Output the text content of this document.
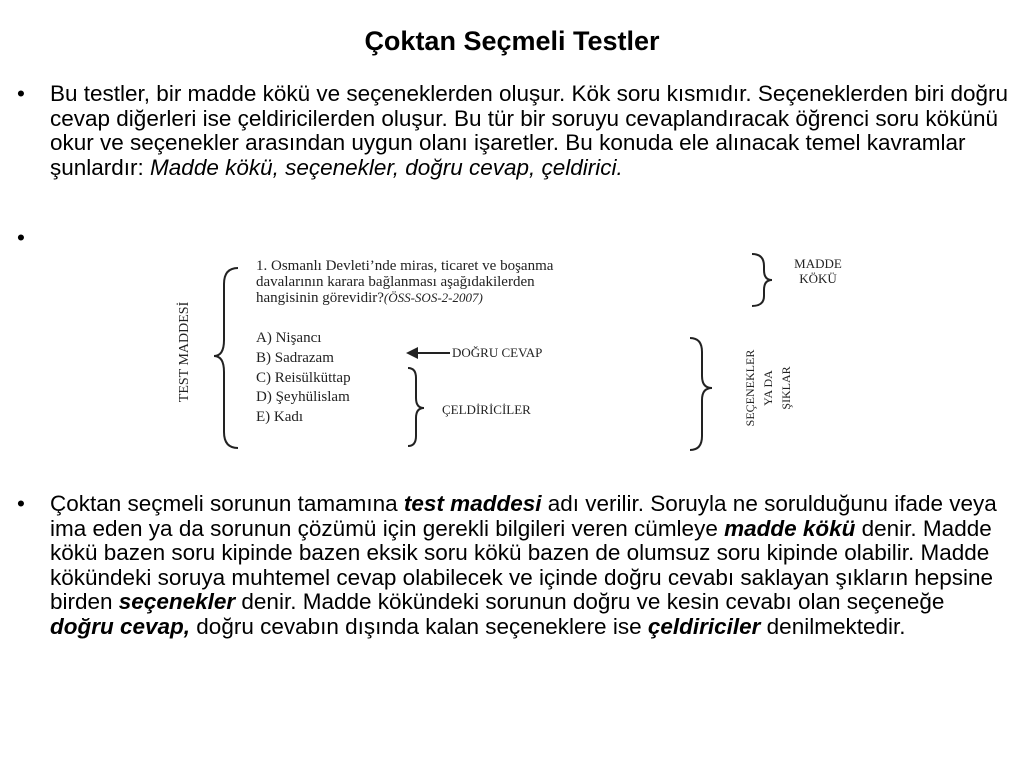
Çoktan Seçmeli Testler
•	Bu testler, bir madde kökü ve seçeneklerden oluşur. Kök soru kısmıdır. Seçeneklerden biri doğru cevap diğerleri ise çeldiricilerden oluşur. Bu tür bir soruyu cevaplandıracak öğrenci soru kökünü okur ve seçenekler arasından uygun olanı işaretler. Bu konuda ele alınacak temel kavramlar şunlardır: Madde kökü, seçenekler, doğru cevap, çeldirici.
•
TEST MADDESİ
1. Osmanlı Devleti’nde miras, ticaret ve boşanma
davalarının karara bağlanması aşağıdakilerden
hangisinin görevidir?(ÖSS-SOS-2-2007)
MADDE
KÖKÜ
A) Nişancı
B) Sadrazam
C) Reisülküttap
D) Şeyhülislam
E) Kadı
DOĞRU CEVAP
ÇELDİRİCİLER	SEÇENEKLER YA DA ŞIKLAR
•	Çoktan seçmeli sorunun tamamına test maddesi adı verilir. Soruyla ne sorulduğunu ifade veya ima eden ya da sorunun çözümü için gerekli bilgileri veren cümleye madde kökü denir. Madde kökü bazen soru kipinde bazen eksik soru kökü bazen de olumsuz soru kipinde olabilir. Madde kökündeki soruya muhtemel cevap olabilecek ve içinde doğru cevabı saklayan şıkların hepsine birden seçenekler denir. Madde kökündeki sorunun doğru ve kesin cevabı olan seçeneğe doğru cevap, doğru cevabın dışında kalan seçeneklere ise çeldiriciler denilmektedir.
